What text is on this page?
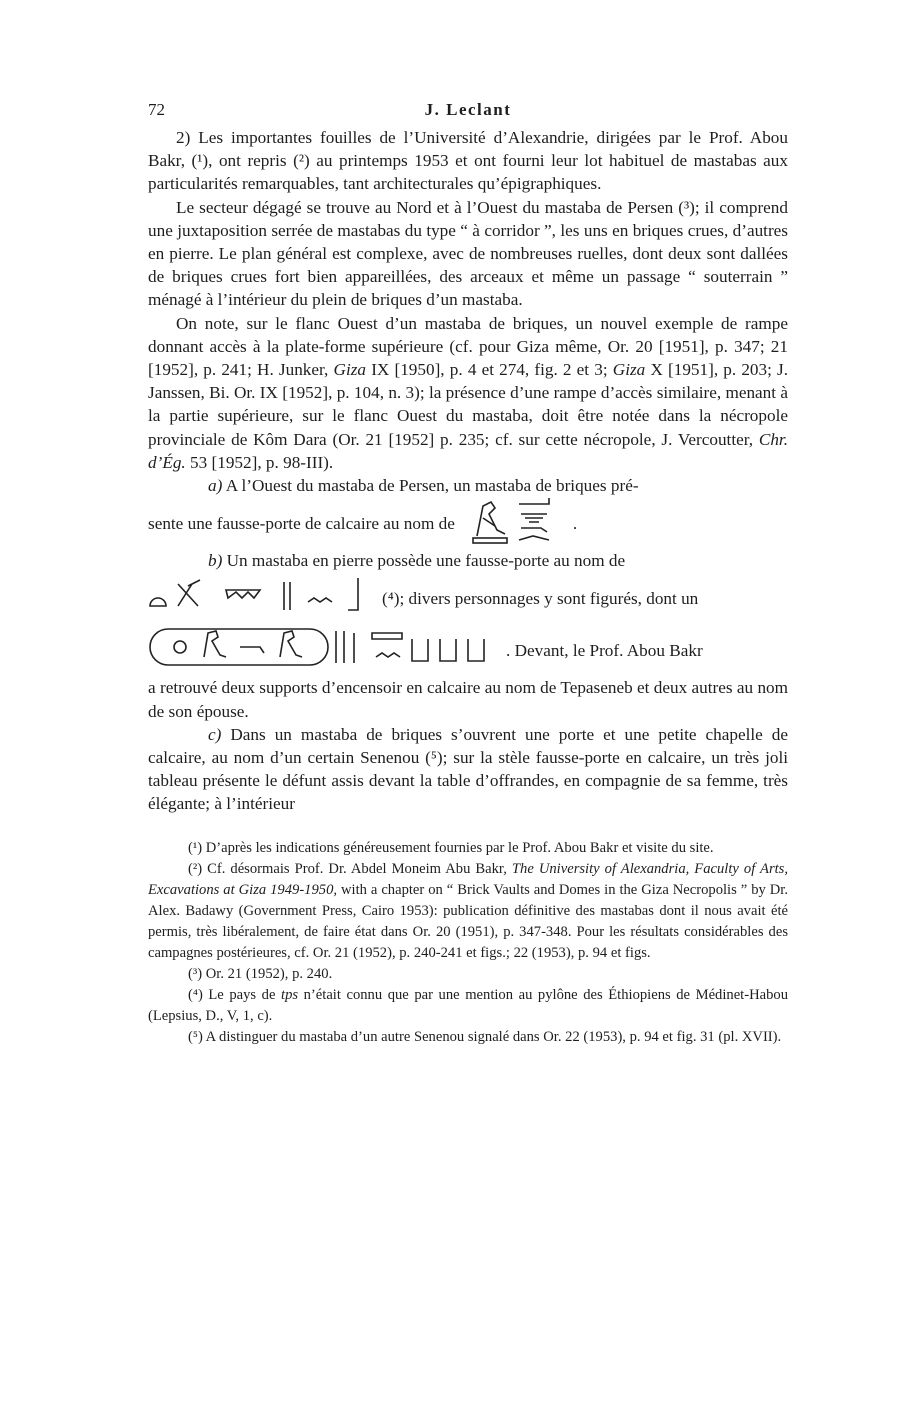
72	J. Leclant

2) Les importantes fouilles de l’Université d’Alexandrie, dirigées par le Prof. Abou Bakr, (¹), ont repris (²) au printemps 1953 et ont fourni leur lot habituel de mastabas aux particularités remarquables, tant architecturales qu’épigraphiques.

Le secteur dégagé se trouve au Nord et à l’Ouest du mastaba de Persen (³); il comprend une juxtaposition serrée de mastabas du type “ à corridor ”, les uns en briques crues, d’autres en pierre. Le plan général est complexe, avec de nombreuses ruelles, dont deux sont dallées de briques crues fort bien appareillées, des arceaux et même un passage “ souterrain ” ménagé à l’intérieur du plein de briques d’un mastaba.

On note, sur le flanc Ouest d’un mastaba de briques, un nouvel exemple de rampe donnant accès à la plate-forme supérieure (cf. pour Giza même, Or. 20 [1951], p. 347; 21 [1952], p. 241; H. Junker, Giza IX [1950], p. 4 et 274, fig. 2 et 3; Giza X [1951], p. 203; J. Janssen, Bi. Or. IX [1952], p. 104, n. 3); la présence d’une rampe d’accès similaire, menant à la partie supérieure, sur le flanc Ouest du mastaba, doit être notée dans la nécropole provinciale de Kôm Dara (Or. 21 [1952] p. 235; cf. sur cette nécropole, J. Vercoutter, Chr. d’Ég. 53 [1952], p. 98-III).

a) A l’Ouest du mastaba de Persen, un mastaba de briques pré-

sente une fausse-porte de calcaire au nom de	.

b) Un mastaba en pierre possède une fausse-porte au nom de

(⁴); divers personnages y sont figurés, dont un
. Devant, le Prof. Abou Bakr

a retrouvé deux supports d’encensoir en calcaire au nom de Tepaseneb et deux autres au nom de son épouse.

c) Dans un mastaba de briques s’ouvrent une porte et une petite chapelle de calcaire, au nom d’un certain Senenou (⁵); sur la stèle fausse-porte en calcaire, un très joli tableau présente le défunt assis devant la table d’offrandes, en compagnie de sa femme, très élégante; à l’intérieur

(¹) D’après les indications généreusement fournies par le Prof. Abou Bakr et visite du site.

(²) Cf. désormais Prof. Dr. Abdel Moneim Abu Bakr, The University of Alexandria, Faculty of Arts, Excavations at Giza 1949-1950, with a chapter on “ Brick Vaults and Domes in the Giza Necropolis ” by Dr. Alex. Badawy (Government Press, Cairo 1953): publication définitive des mastabas dont il nous avait été permis, très libéralement, de faire état dans Or. 20 (1951), p. 347-348. Pour les résultats considérables des campagnes postérieures, cf. Or. 21 (1952), p. 240-241 et figs.; 22 (1953), p. 94 et figs.

(³) Or. 21 (1952), p. 240.

(⁴) Le pays de tps n’était connu que par une mention au pylône des Éthiopiens de Médinet-Habou (Lepsius, D., V, 1, c).

(⁵) A distinguer du mastaba d’un autre Senenou signalé dans Or. 22 (1953), p. 94 et fig. 31 (pl. XVII).
